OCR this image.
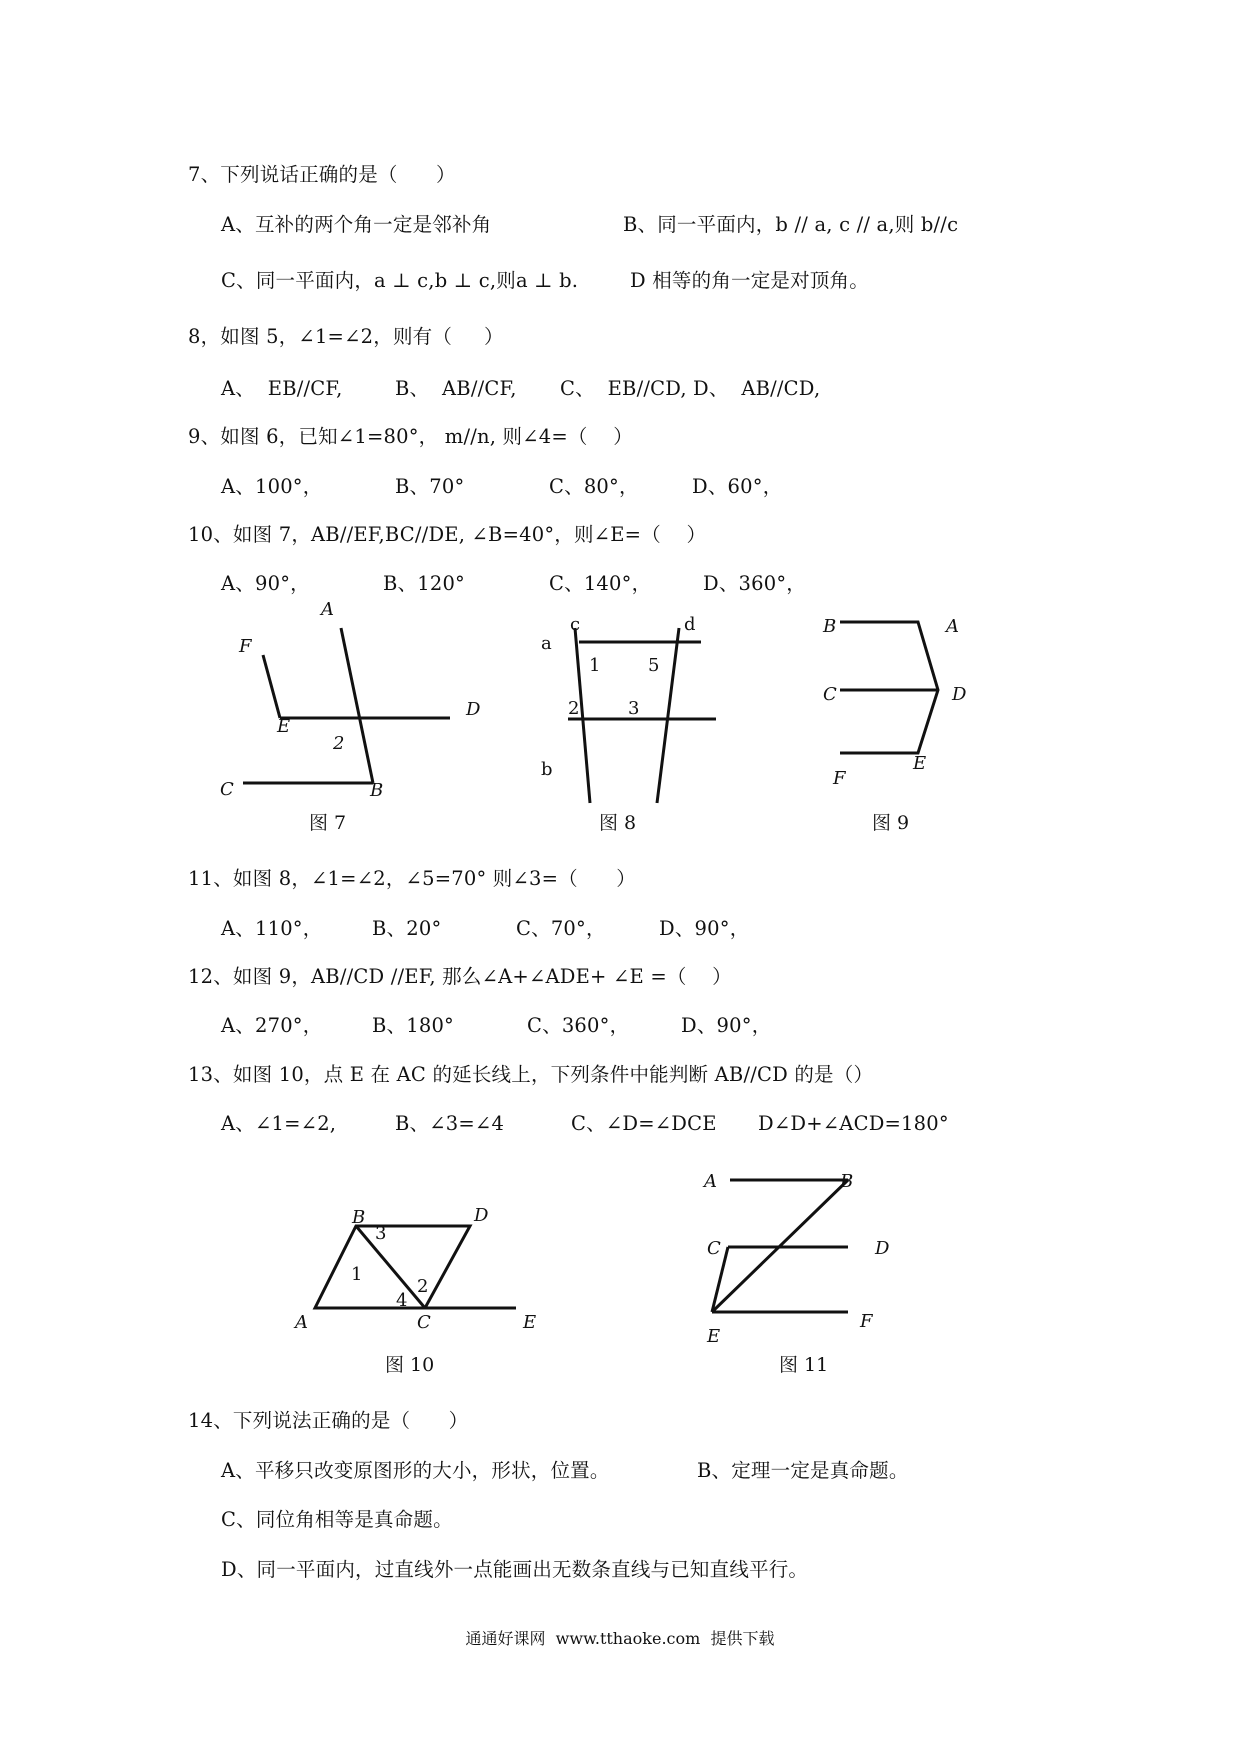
7、下列说话正确的是（      ）
A、互补的两个角一定是邻补角	B、同一平面内，b // a, c // a,则 b//c
C、同一平面内，a ⊥ c,b ⊥ c,则a ⊥ b.	D 相等的角一定是对顶角。
8，如图 5，∠1=∠2，则有（     ）
A、  EB//CF,	B、  AB//CF, C、  EB//CD, D、  AB//CD,
9、如图 6，已知∠1=80°， m//n, 则∠4=（    ）
A、100°，	B、70°	C、80°，	D、60°，
10、如图 7，AB//EF,BC//DE, ∠B=40°，则∠E=（    ）
A、90°，	B、120°	C、140°，	D、360°，
A
F
D
E
2
C	B
图 7
c	d
a
1	5
2	3
b
图 8
B	A
C	D
F
E
图 9
11、如图 8，∠1=∠2，∠5=70° 则∠3=（      ）
A、110°，	B、20°	C、70°，	D、90°，
12、如图 9，AB//CD //EF, 那么∠A+∠ADE+ ∠E =（    ）
A、270°，	B、180°	C、360°，	D、90°，
13、如图 10，点 E 在 AC 的延长线上，下列条件中能判断 AB//CD 的是（）
A、∠1=∠2,	B、∠3=∠4	C、∠D=∠DCE D∠D+∠ACD=180°
B
3
D
1
2
4
A	C	E
图 10
A	B
C	D
E
F
图 11
14、下列说法正确的是（      ）
A、平移只改变原图形的大小，形状，位置。	B、定理一定是真命题。
C、同位角相等是真命题。
D、同一平面内，过直线外一点能画出无数条直线与已知直线平行。
通通好课网  www.tthaoke.com  提供下载
